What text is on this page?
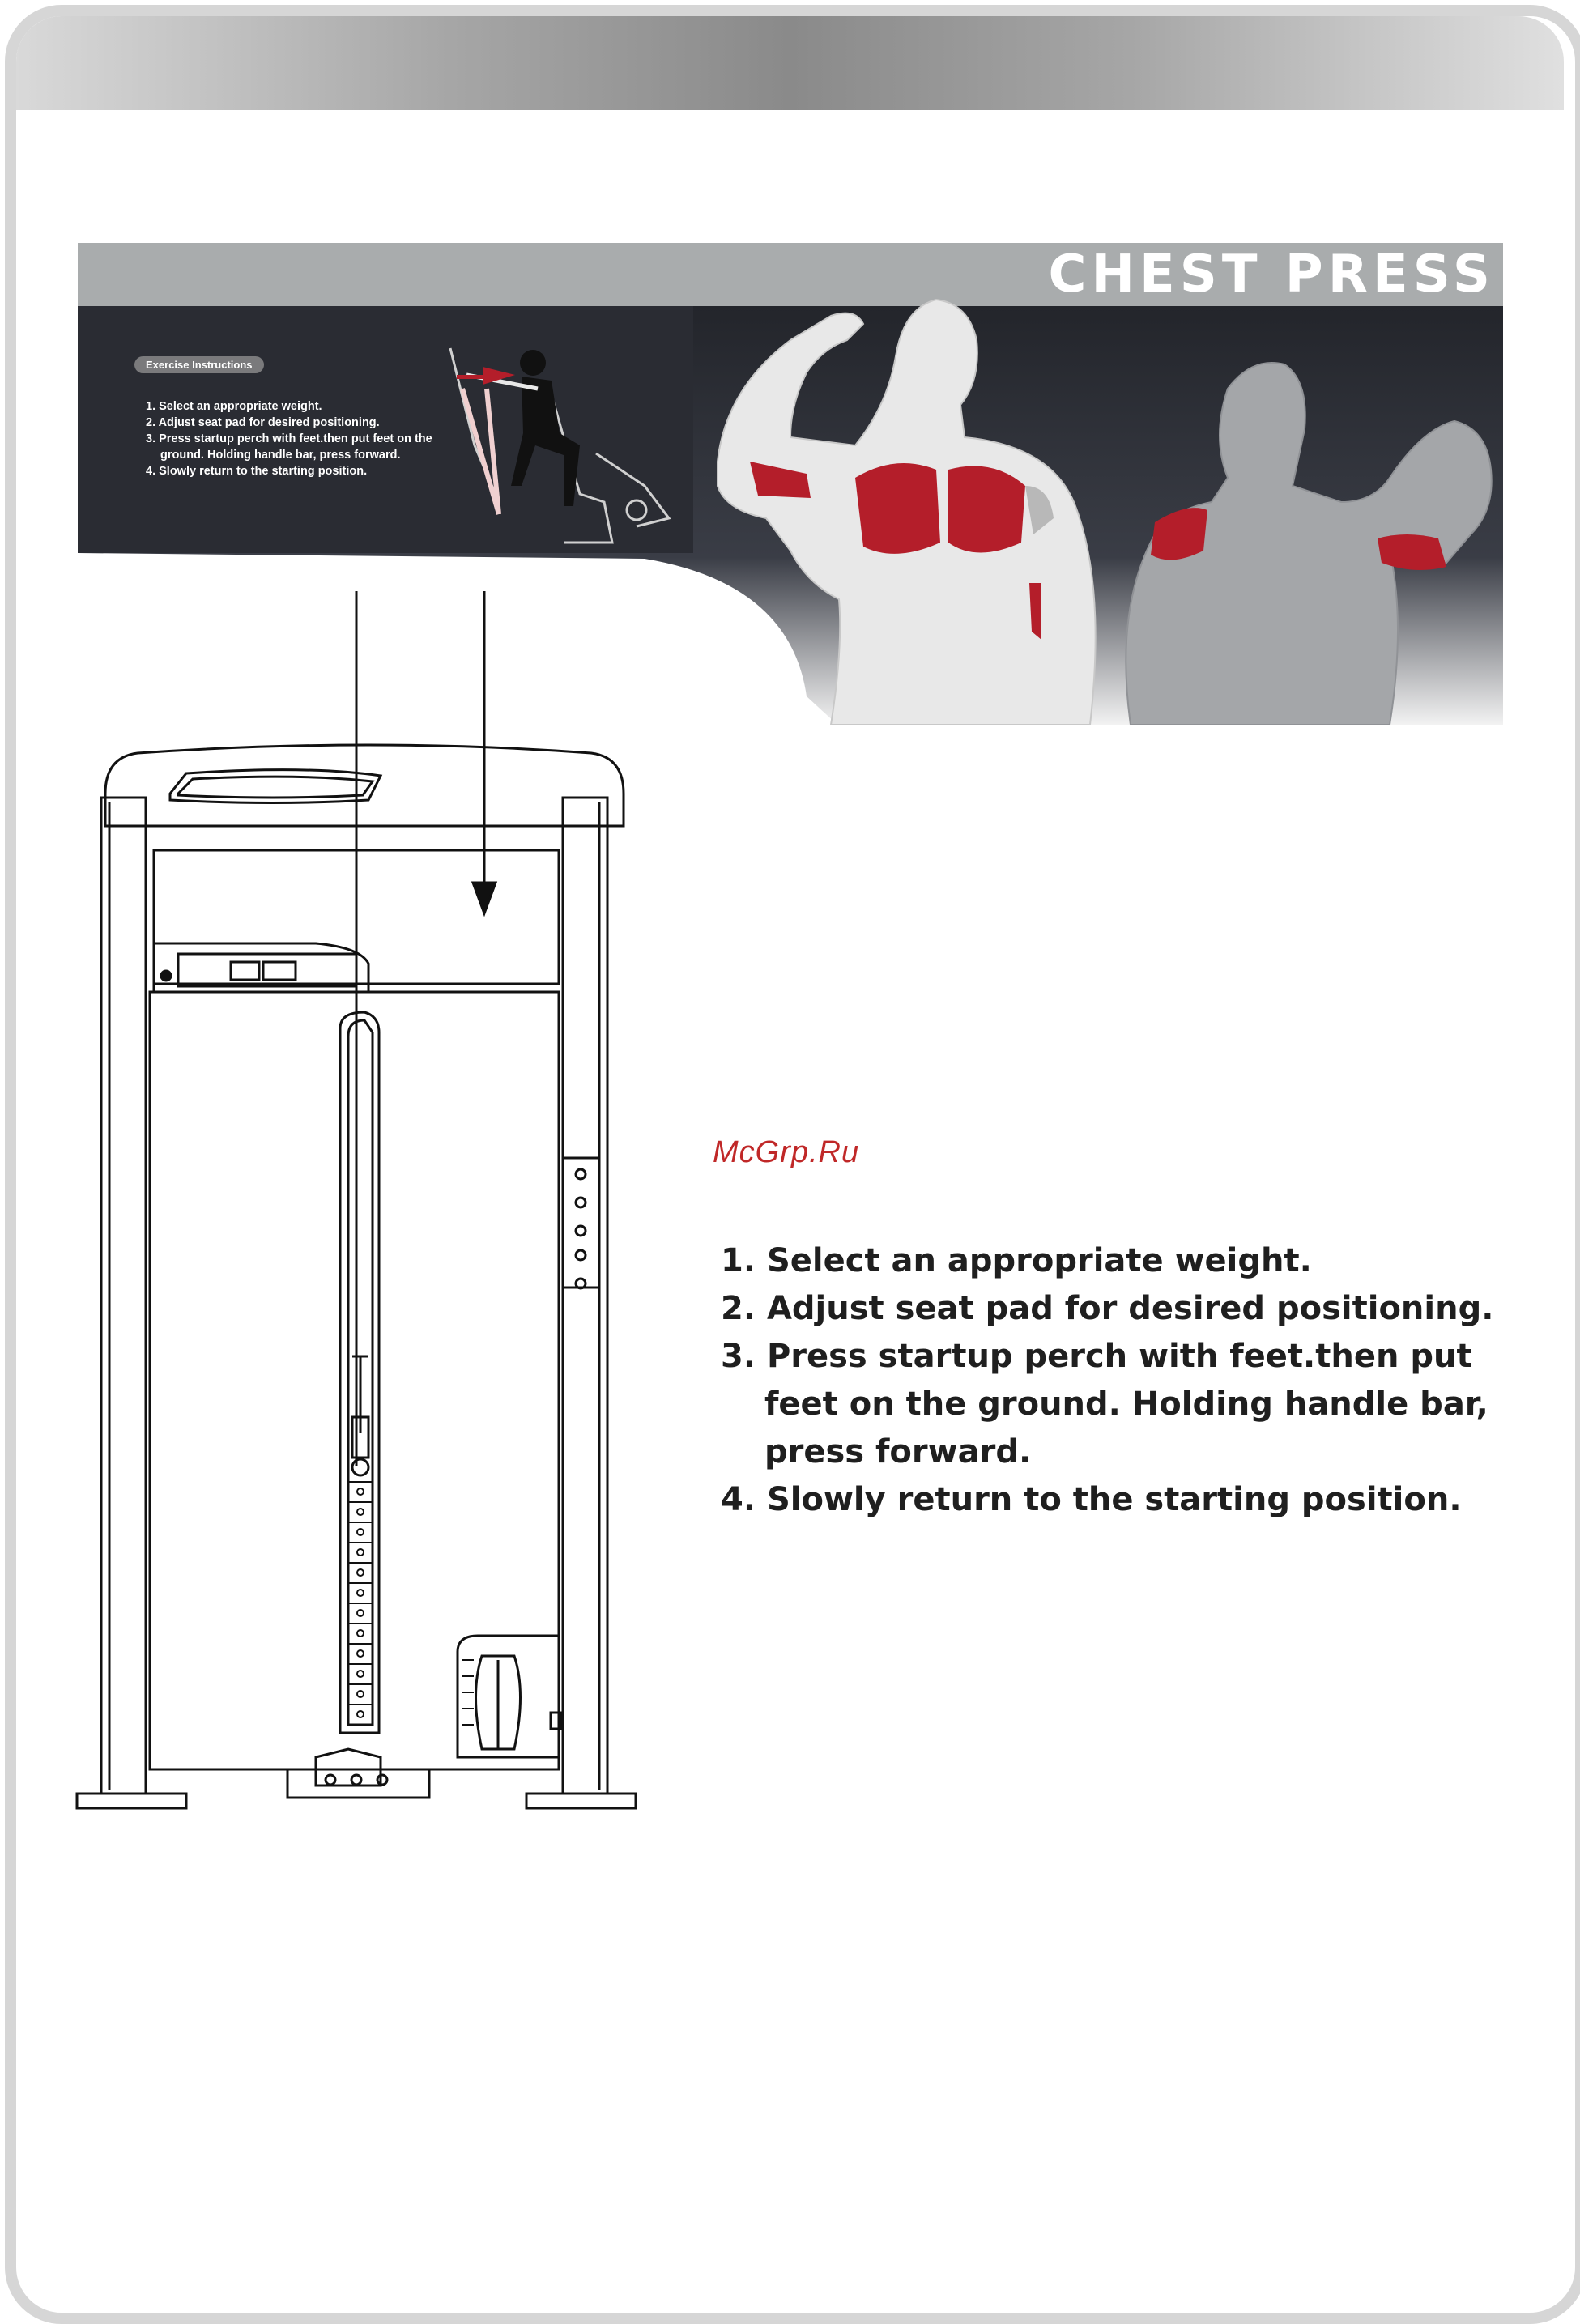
CHEST PRESS
Exercise Instructions
1. Select an appropriate weight.
2. Adjust seat pad for desired positioning.
3. Press startup perch with feet.then put feet on the ground. Holding handle bar, press forward.
4. Slowly return to the starting position.
McGrp.Ru
1. Select an appropriate weight.
2. Adjust seat pad for desired positioning.
3. Press startup perch with feet.then put feet on the ground. Holding handle bar, press forward.
4. Slowly return to the starting position.
